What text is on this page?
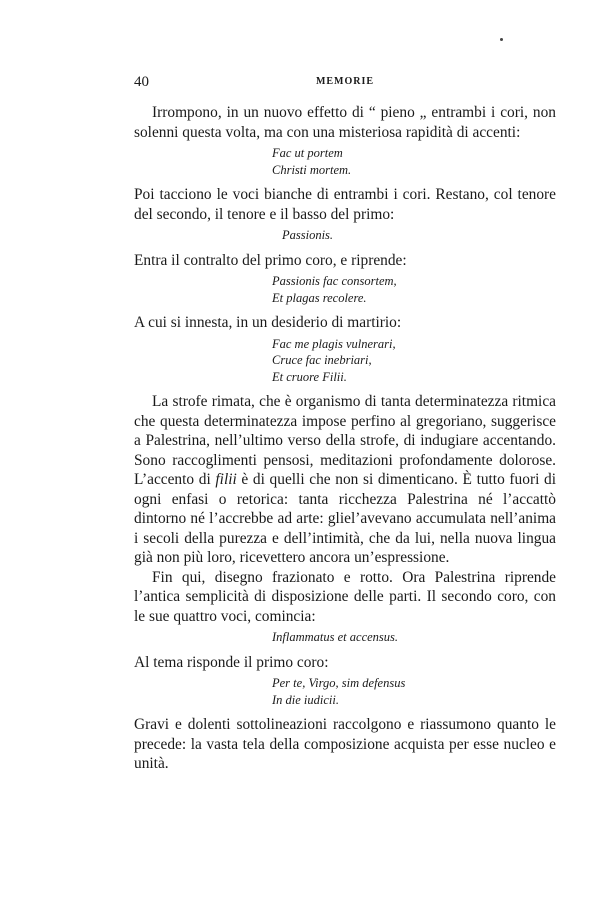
40	MEMORIE

Irrompono, in un nuovo effetto di “ pieno „ entrambi i cori, non solenni questa volta, ma con una misteriosa rapidità di accenti:

Fac ut portem
Christi mortem.

Poi tacciono le voci bianche di entrambi i cori. Restano, col tenore del secondo, il tenore e il basso del primo:

Passionis.

Entra il contralto del primo coro, e riprende:

Passionis fac consortem,
Et plagas recolere.

A cui si innesta, in un desiderio di martirio:

Fac me plagis vulnerari,
Cruce fac inebriari,
Et cruore Filii.

La strofe rimata, che è organismo di tanta determinatezza ritmica che questa determinatezza impose perfino al gregoriano, suggerisce a Palestrina, nell’ultimo verso della strofe, di indugiare accentando. Sono raccoglimenti pensosi, meditazioni profondamente dolorose. L’accento di filii è di quelli che non si dimenticano. È tutto fuori di ogni enfasi o retorica: tanta ricchezza Palestrina né l’accattò dintorno né l’accrebbe ad arte: gliel’avevano accumulata nell’anima i secoli della purezza e dell’intimità, che da lui, nella nuova lingua già non più loro, ricevettero ancora un’espressione.

Fin qui, disegno frazionato e rotto. Ora Palestrina riprende l’antica semplicità di disposizione delle parti. Il secondo coro, con le sue quattro voci, comincia:

Inflammatus et accensus.

Al tema risponde il primo coro:

Per te, Virgo, sim defensus
In die iudicii.

Gravi e dolenti sottolineazioni raccolgono e riassumono quanto le precede: la vasta tela della composizione acquista per esse nucleo e unità.
